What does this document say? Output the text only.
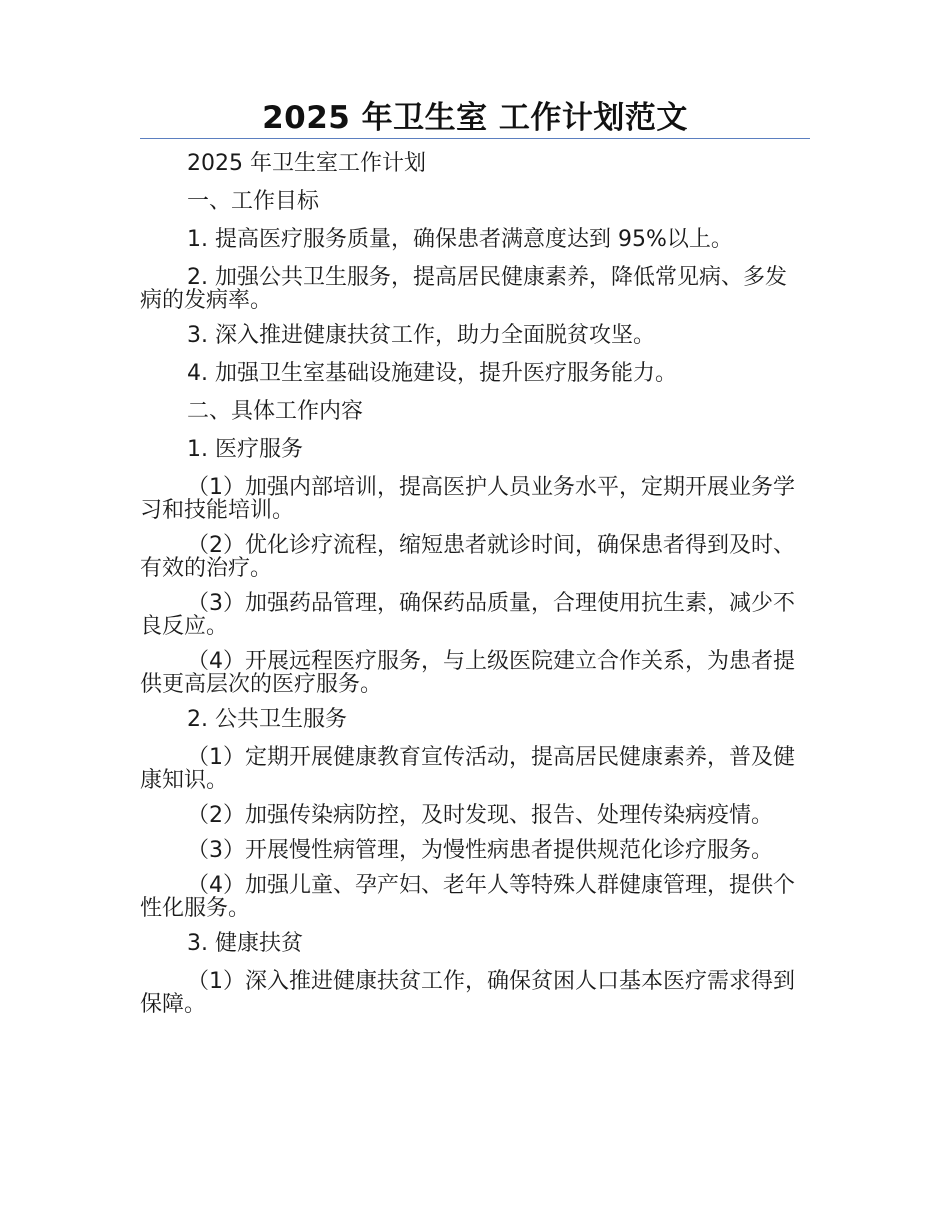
2025 年卫生室 工作计划范文

2025 年卫生室工作计划

一、工作目标

1. 提高医疗服务质量，确保患者满意度达到 95%以上。

2. 加强公共卫生服务，提高居民健康素养，降低常见病、多发病的发病率。

3. 深入推进健康扶贫工作，助力全面脱贫攻坚。

4. 加强卫生室基础设施建设，提升医疗服务能力。

二、具体工作内容

1. 医疗服务

（1）加强内部培训，提高医护人员业务水平，定期开展业务学习和技能培训。

（2）优化诊疗流程，缩短患者就诊时间，确保患者得到及时、有效的治疗。

（3）加强药品管理，确保药品质量，合理使用抗生素，减少不良反应。

（4）开展远程医疗服务，与上级医院建立合作关系，为患者提供更高层次的医疗服务。

2. 公共卫生服务

（1）定期开展健康教育宣传活动，提高居民健康素养，普及健康知识。

（2）加强传染病防控，及时发现、报告、处理传染病疫情。

（3）开展慢性病管理，为慢性病患者提供规范化诊疗服务。

（4）加强儿童、孕产妇、老年人等特殊人群健康管理，提供个性化服务。

3. 健康扶贫

（1）深入推进健康扶贫工作，确保贫困人口基本医疗需求得到保障。
